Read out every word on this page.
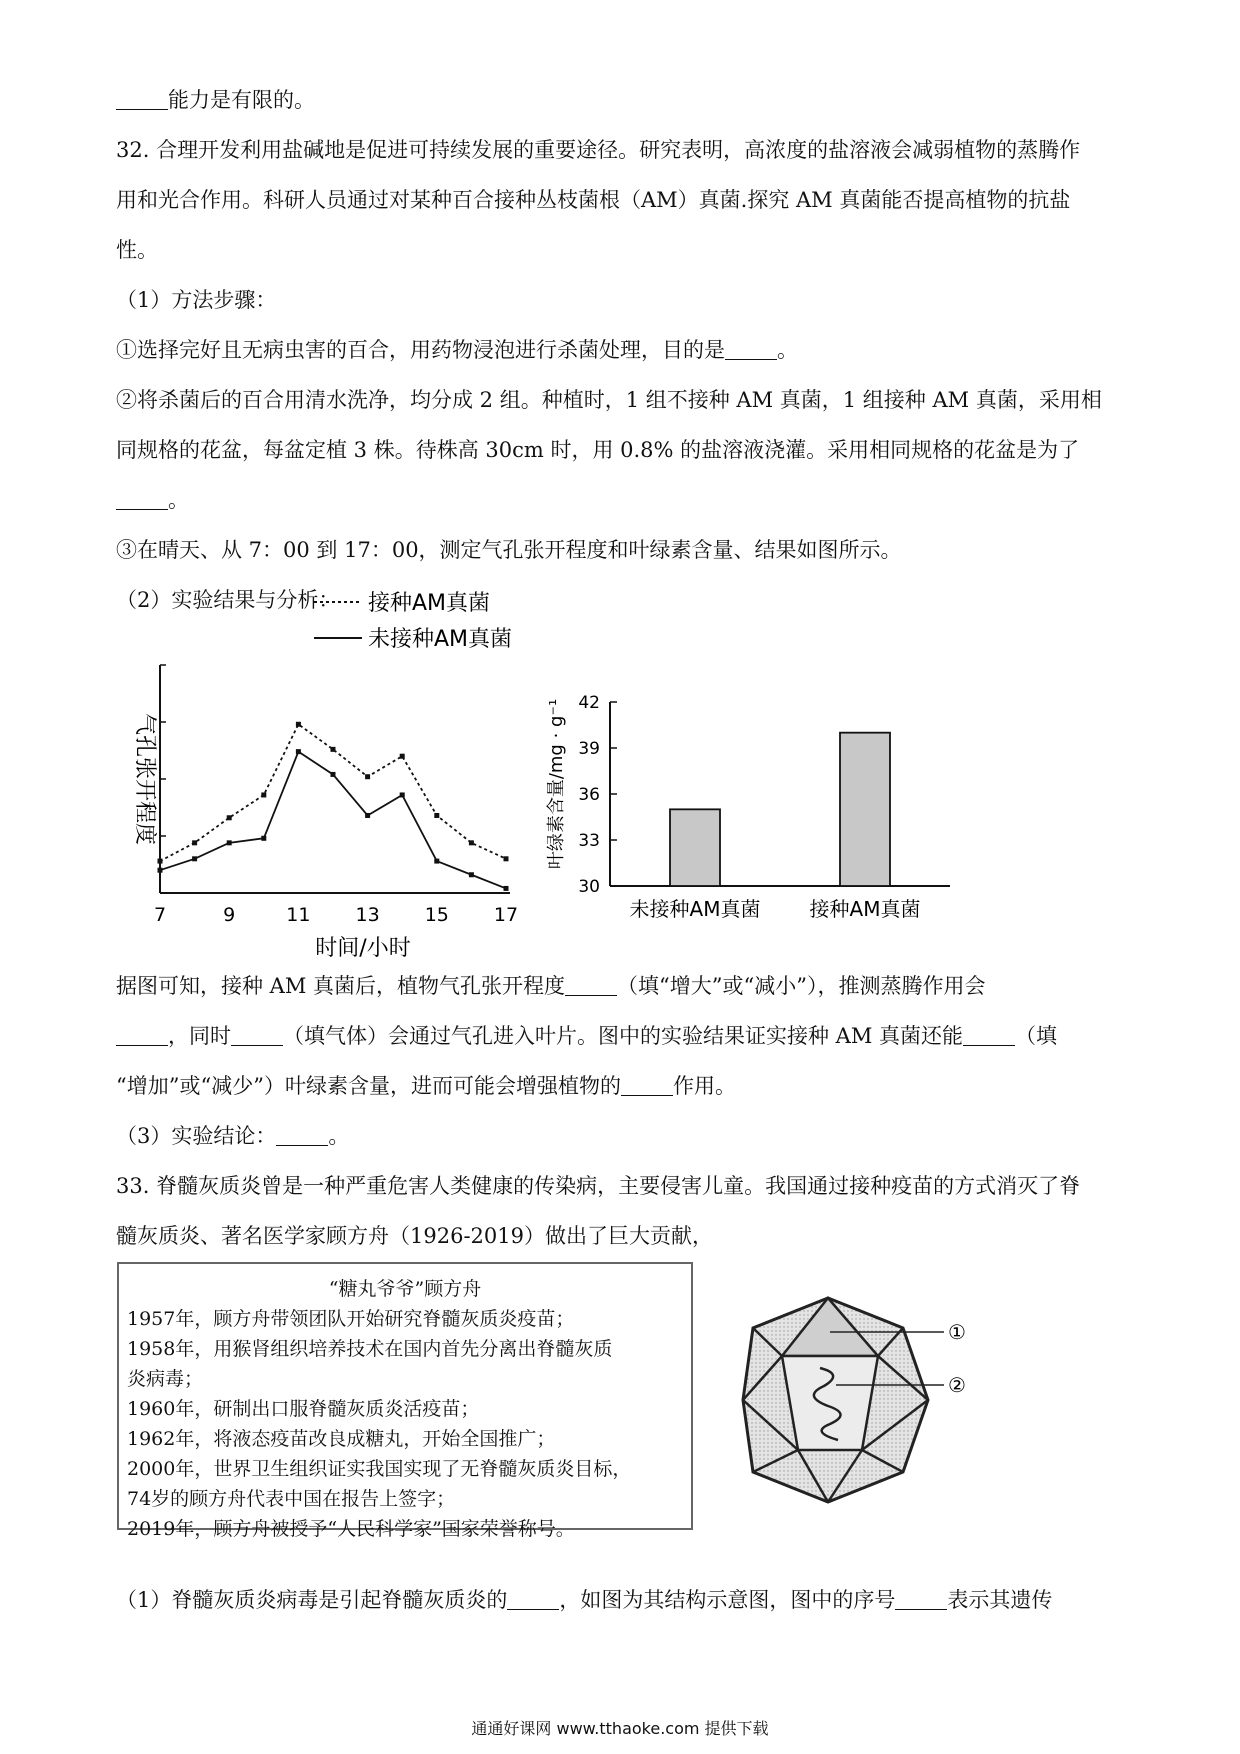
能力是有限的。
32. 合理开发利用盐碱地是促进可持续发展的重要途径。研究表明，高浓度的盐溶液会减弱植物的蒸腾作
用和光合作用。科研人员通过对某种百合接种丛枝菌根（AM）真菌.探究 AM 真菌能否提高植物的抗盐
性。
（1）方法步骤：
①选择完好且无病虫害的百合，用药物浸泡进行杀菌处理，目的是 。
②将杀菌后的百合用清水洗净，均分成 2 组。种植时，1 组不接种 AM 真菌，1 组接种 AM 真菌，采用相
同规格的花盆，每盆定植 3 株。待株高 30cm 时，用 0.8% 的盐溶液浇灌。采用相同规格的花盆是为了
。
③在晴天、从 7：00 到 17：00，测定气孔张开程度和叶绿素含量、结果如图所示。
（2）实验结果与分析：
7	9	11 13 15 17
时间/小时
气孔张开程度
30
33
36
39
42
叶绿素含量/mg · g⁻¹
未接种AM真菌 接种AM真菌
据图可知，接种 AM 真菌后，植物气孔张开程度 （填“增大”或“减小”），推测蒸腾作用会
，同时 （填气体）会通过气孔进入叶片。图中的实验结果证实接种 AM 真菌还能 （填
“增加”或“减少”）叶绿素含量，进而可能会增强植物的 作用。
（3）实验结论： 。
33. 脊髓灰质炎曾是一种严重危害人类健康的传染病，主要侵害儿童。我国通过接种疫苗的方式消灭了脊
髓灰质炎、著名医学家顾方舟（1926-2019）做出了巨大贡献，
“糖丸爷爷”顾方舟
1957年，顾方舟带领团队开始研究脊髓灰质炎疫苗；
1958年，用猴肾组织培养技术在国内首先分离出脊髓灰质
炎病毒；
1960年，研制出口服脊髓灰质炎活疫苗；
1962年，将液态疫苗改良成糖丸，开始全国推广；
2000年，世界卫生组织证实我国实现了无脊髓灰质炎目标，
74岁的顾方舟代表中国在报告上签字；
2019年，顾方舟被授予“人民科学家”国家荣誉称号。
①
②
（1）脊髓灰质炎病毒是引起脊髓灰质炎的 ，如图为其结构示意图，图中的序号 表示其遗传
通通好课网 www.tthaoke.com 提供下载
接种AM真菌
未接种AM真菌
